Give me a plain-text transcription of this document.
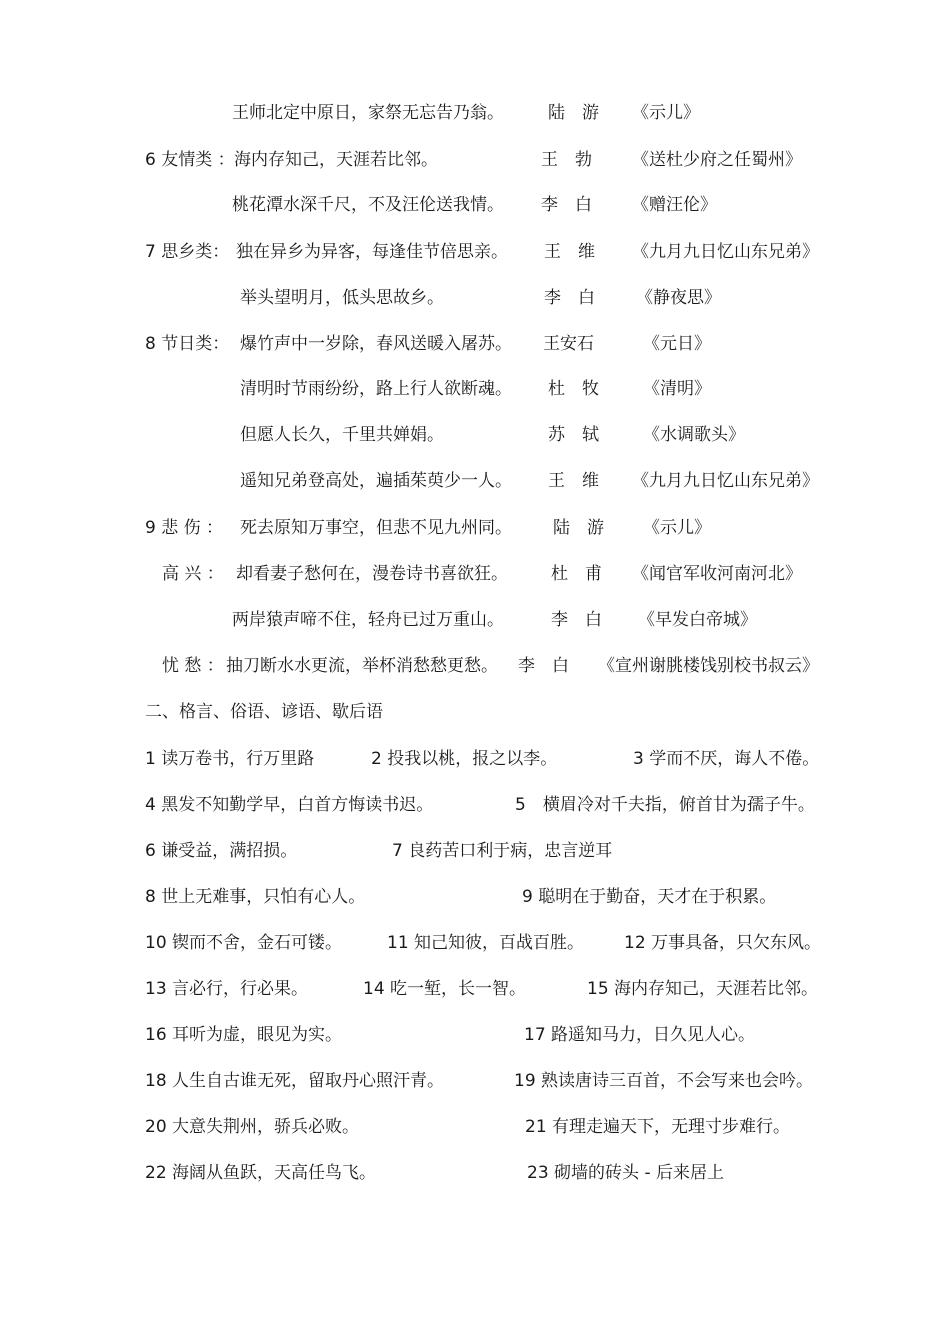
王师北定中原日，家祭无忘告乃翁。	陆　游 《示儿》
6 友情类 ： 海内存知己，天涯若比邻。	王　勃 《送杜少府之任蜀州》
桃花潭水深千尺，不及汪伦送我情。 李　白 《赠汪伦》
7 思乡类： 独在异乡为异客，每逢佳节倍思亲。 王　维 《九月九日忆山东兄弟》
举头望明月，低头思故乡。	李　白 《静夜思》
8 节日类： 爆竹声中一岁除，春风送暖入屠苏。 王安石	《元日》
清明时节雨纷纷，路上行人欲断魂。 杜　牧	《清明》
但愿人长久，千里共婵娟。	苏　轼	《水调歌头》
遥知兄弟登高处，遍插茱萸少一人。 王　维 《九月九日忆山东兄弟》
9 悲 伤 ： 死去原知万事空，但悲不见九州同。 陆　游 《示儿》
高 兴 ： 却看妻子愁何在，漫卷诗书喜欲狂。	杜　甫 《闻官军收河南河北》
两岸猿声啼不住，轻舟已过万重山。	李　白 《早发白帝城》
忧 愁 ： 抽刀断水水更流，举杯消愁愁更愁。 李　白 《宣州谢朓楼饯别校书叔云》
二、格言、俗语、谚语、歇后语
1 读万卷书，行万里路	2 投我以桃，报之以李。	3 学而不厌，诲人不倦。
4 黑发不知勤学早，白首方悔读书迟。	5　横眉冷对千夫指，俯首甘为孺子牛。
6 谦受益，满招损。	7 良药苦口利于病，忠言逆耳
8 世上无难事，只怕有心人。	9 聪明在于勤奋，天才在于积累。
10 锲而不舍，金石可镂。	11 知己知彼，百战百胜。 12 万事具备，只欠东风。
13 言必行，行必果。	14 吃一堑，长一智。	15 海内存知己，天涯若比邻。
16 耳听为虚，眼见为实。	17 路遥知马力，日久见人心。
18 人生自古谁无死，留取丹心照汗青。	19 熟读唐诗三百首，不会写来也会吟。
20 大意失荆州，骄兵必败。	21 有理走遍天下，无理寸步难行。
22 海阔从鱼跃，天高任鸟飞。	23 砌墙的砖头 - 后来居上
